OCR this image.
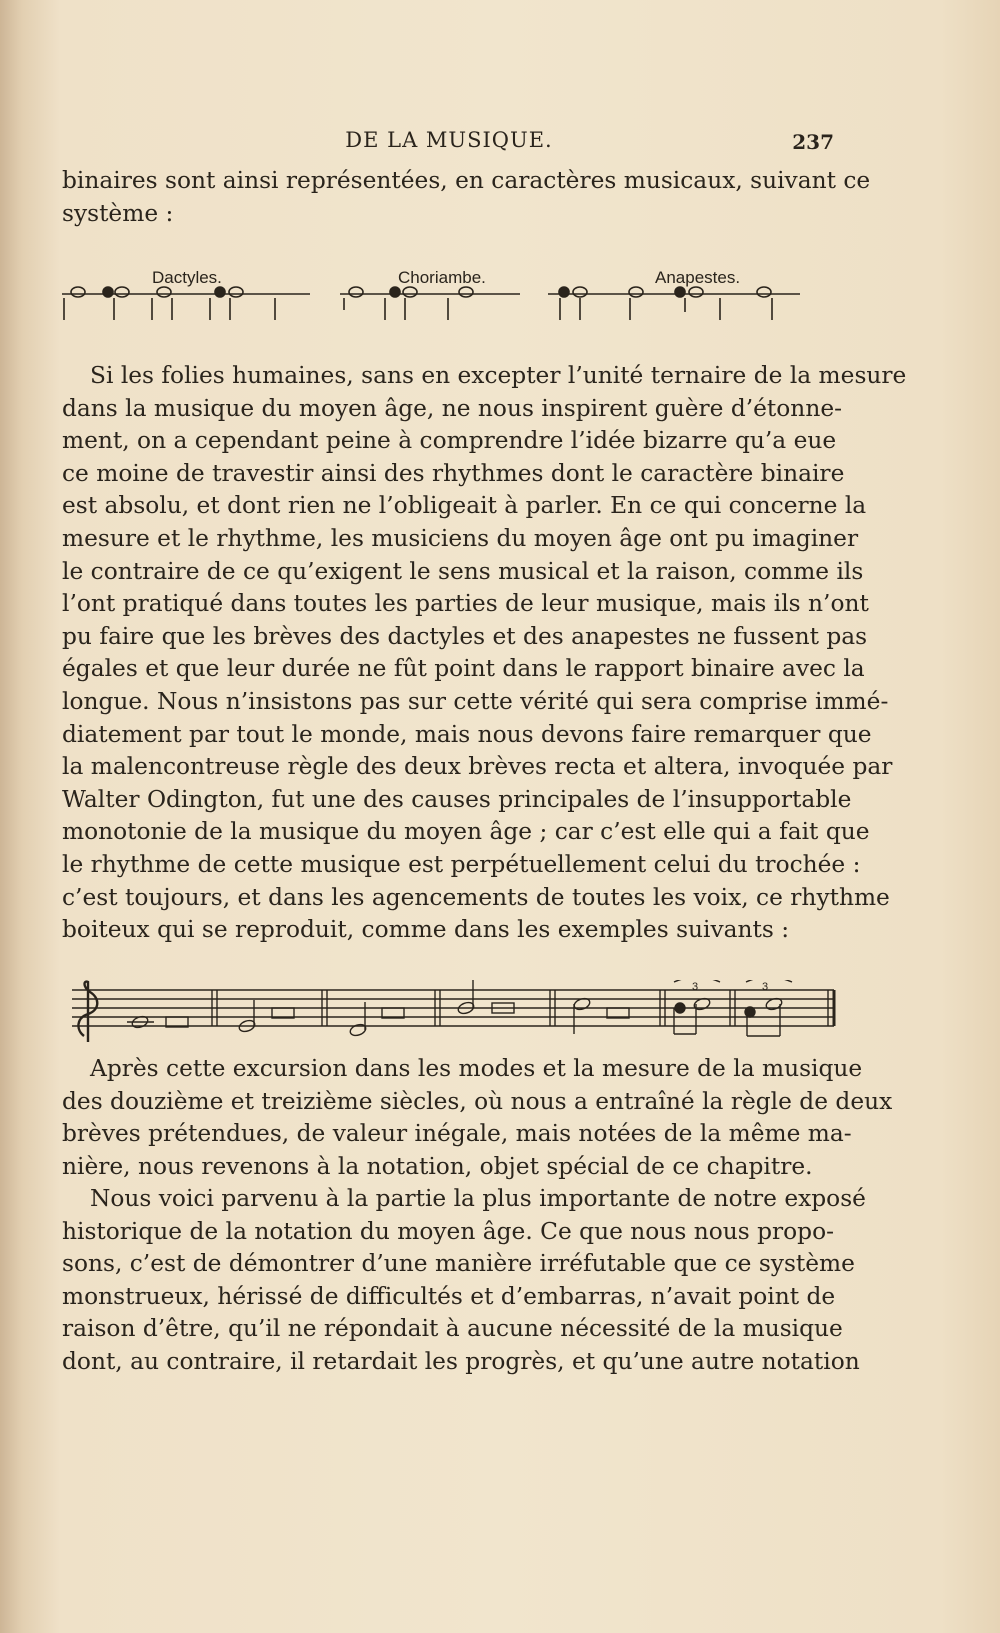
DE LA MUSIQUE.	237
binaires sont ainsi représentées, en caractères musicaux, suivant ce
système :
Dactyles.	Choriambe.	Anapestes.
Si les folies humaines, sans en excepter l’unité ternaire de la mesure
dans la musique du moyen âge, ne nous inspirent guère d’étonne-
ment, on a cependant peine à comprendre l’idée bizarre qu’a eue
ce moine de travestir ainsi des rhythmes dont le caractère binaire
est absolu, et dont rien ne l’obligeait à parler. En ce qui concerne la
mesure et le rhythme, les musiciens du moyen âge ont pu imaginer
le contraire de ce qu’exigent le sens musical et la raison, comme ils
l’ont pratiqué dans toutes les parties de leur musique, mais ils n’ont
pu faire que les brèves des dactyles et des anapestes ne fussent pas
égales et que leur durée ne fût point dans le rapport binaire avec la
longue. Nous n’insistons pas sur cette vérité qui sera comprise immé-
diatement par tout le monde, mais nous devons faire remarquer que
la malencontreuse règle des deux brèves recta et altera, invoquée par
Walter Odington, fut une des causes principales de l’insupportable
monotonie de la musique du moyen âge ; car c’est elle qui a fait que
le rhythme de cette musique est perpétuellement celui du trochée :
c’est toujours, et dans les agencements de toutes les voix, ce rhythme
boiteux qui se reproduit, comme dans les exemples suivants :
3	3
Après cette excursion dans les modes et la mesure de la musique
des douzième et treizième siècles, où nous a entraîné la règle de deux
brèves prétendues, de valeur inégale, mais notées de la même ma-
nière, nous revenons à la notation, objet spécial de ce chapitre.
Nous voici parvenu à la partie la plus importante de notre exposé
historique de la notation du moyen âge. Ce que nous nous propo-
sons, c’est de démontrer d’une manière irréfutable que ce système
monstrueux, hérissé de difficultés et d’embarras, n’avait point de
raison d’être, qu’il ne répondait à aucune nécessité de la musique
dont, au contraire, il retardait les progrès, et qu’une autre notation
